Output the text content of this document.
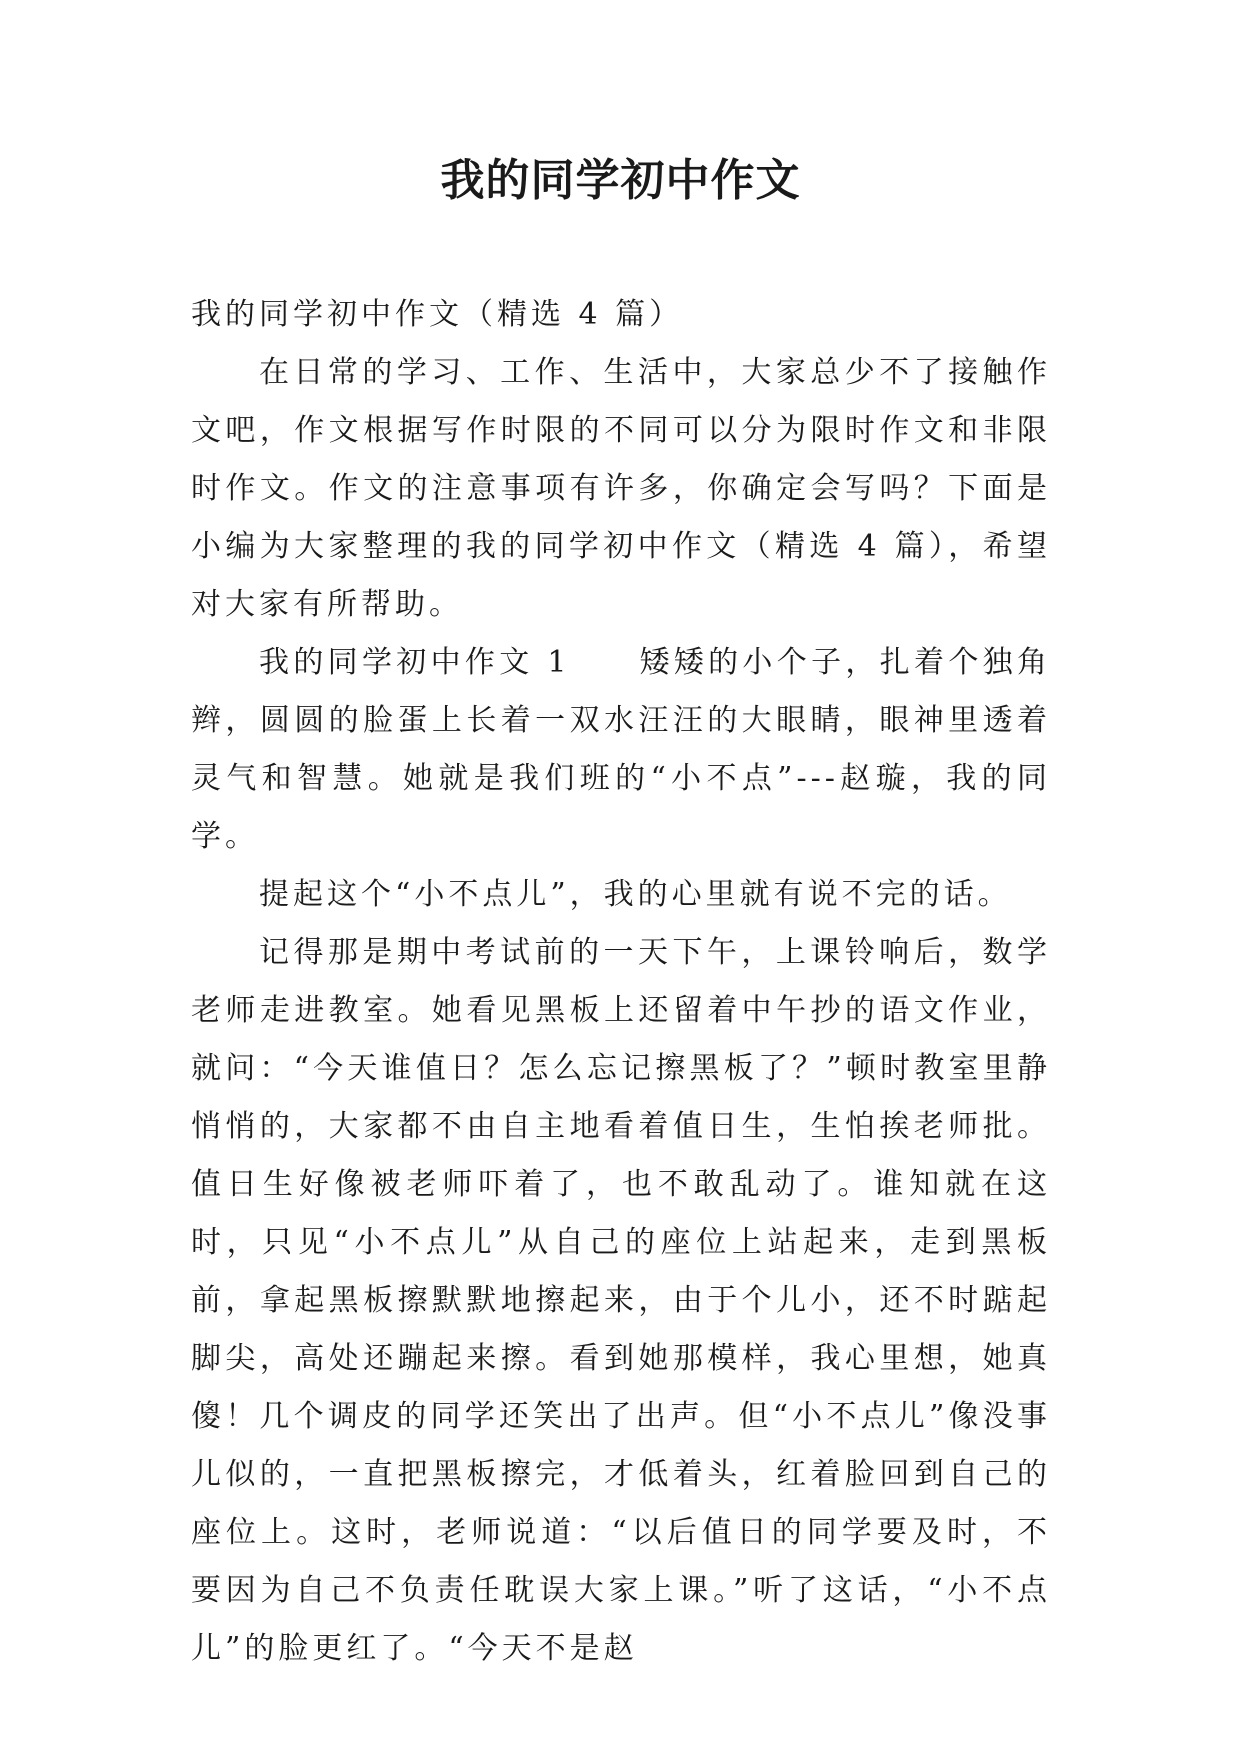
我的同学初中作文

我的同学初中作文（精选 4 篇）

在日常的学习、工作、生活中，大家总少不了接触作文吧，作文根据写作时限的不同可以分为限时作文和非限时作文。作文的注意事项有许多，你确定会写吗？下面是小编为大家整理的我的同学初中作文（精选 4 篇），希望对大家有所帮助。

我的同学初中作文 1　　矮矮的小个子，扎着个独角辫，圆圆的脸蛋上长着一双水汪汪的大眼睛，眼神里透着灵气和智慧。她就是我们班的“小不点”---赵璇，我的同学。

提起这个“小不点儿”，我的心里就有说不完的话。

记得那是期中考试前的一天下午，上课铃响后，数学老师走进教室。她看见黑板上还留着中午抄的语文作业，就问：“今天谁值日？怎么忘记擦黑板了？”顿时教室里静悄悄的，大家都不由自主地看着值日生，生怕挨老师批。值日生好像被老师吓着了，也不敢乱动了。谁知就在这时，只见“小不点儿”从自己的座位上站起来，走到黑板前，拿起黑板擦默默地擦起来，由于个儿小，还不时踮起脚尖，高处还蹦起来擦。看到她那模样，我心里想，她真傻！几个调皮的同学还笑出了出声。但“小不点儿”像没事儿似的，一直把黑板擦完，才低着头，红着脸回到自己的座位上。这时，老师说道：“以后值日的同学要及时，不要因为自己不负责任耽误大家上课。”听了这话，“小不点儿”的脸更红了。“今天不是赵
